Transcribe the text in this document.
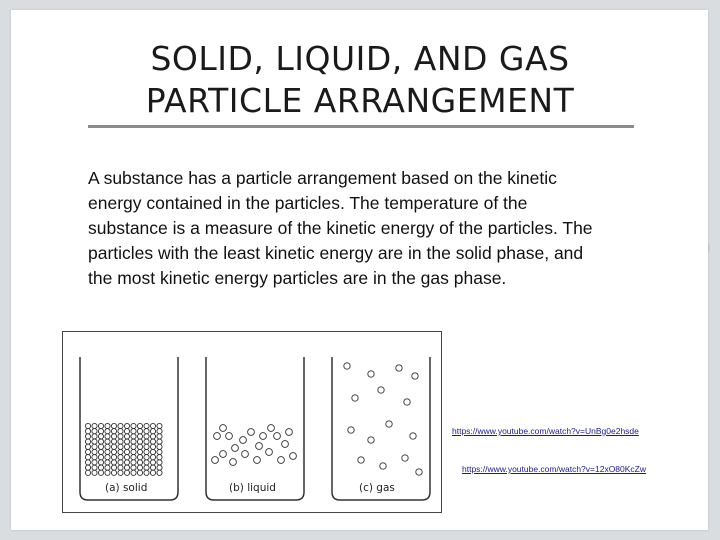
SOLID, LIQUID, AND GAS
PARTICLE ARRANGEMENT
A substance has a particle arrangement based on the kinetic energy contained in the particles. The temperature of the substance is a measure of the kinetic energy of the particles. The particles with the least kinetic energy are in the solid phase, and the most kinetic energy particles are in the gas phase.
(a) solid	(b) liquid	(c) gas
https://www.youtube.com/watch?v=UnBg0e2hsde
https://www.youtube.com/watch?v=12xO80KcZw
